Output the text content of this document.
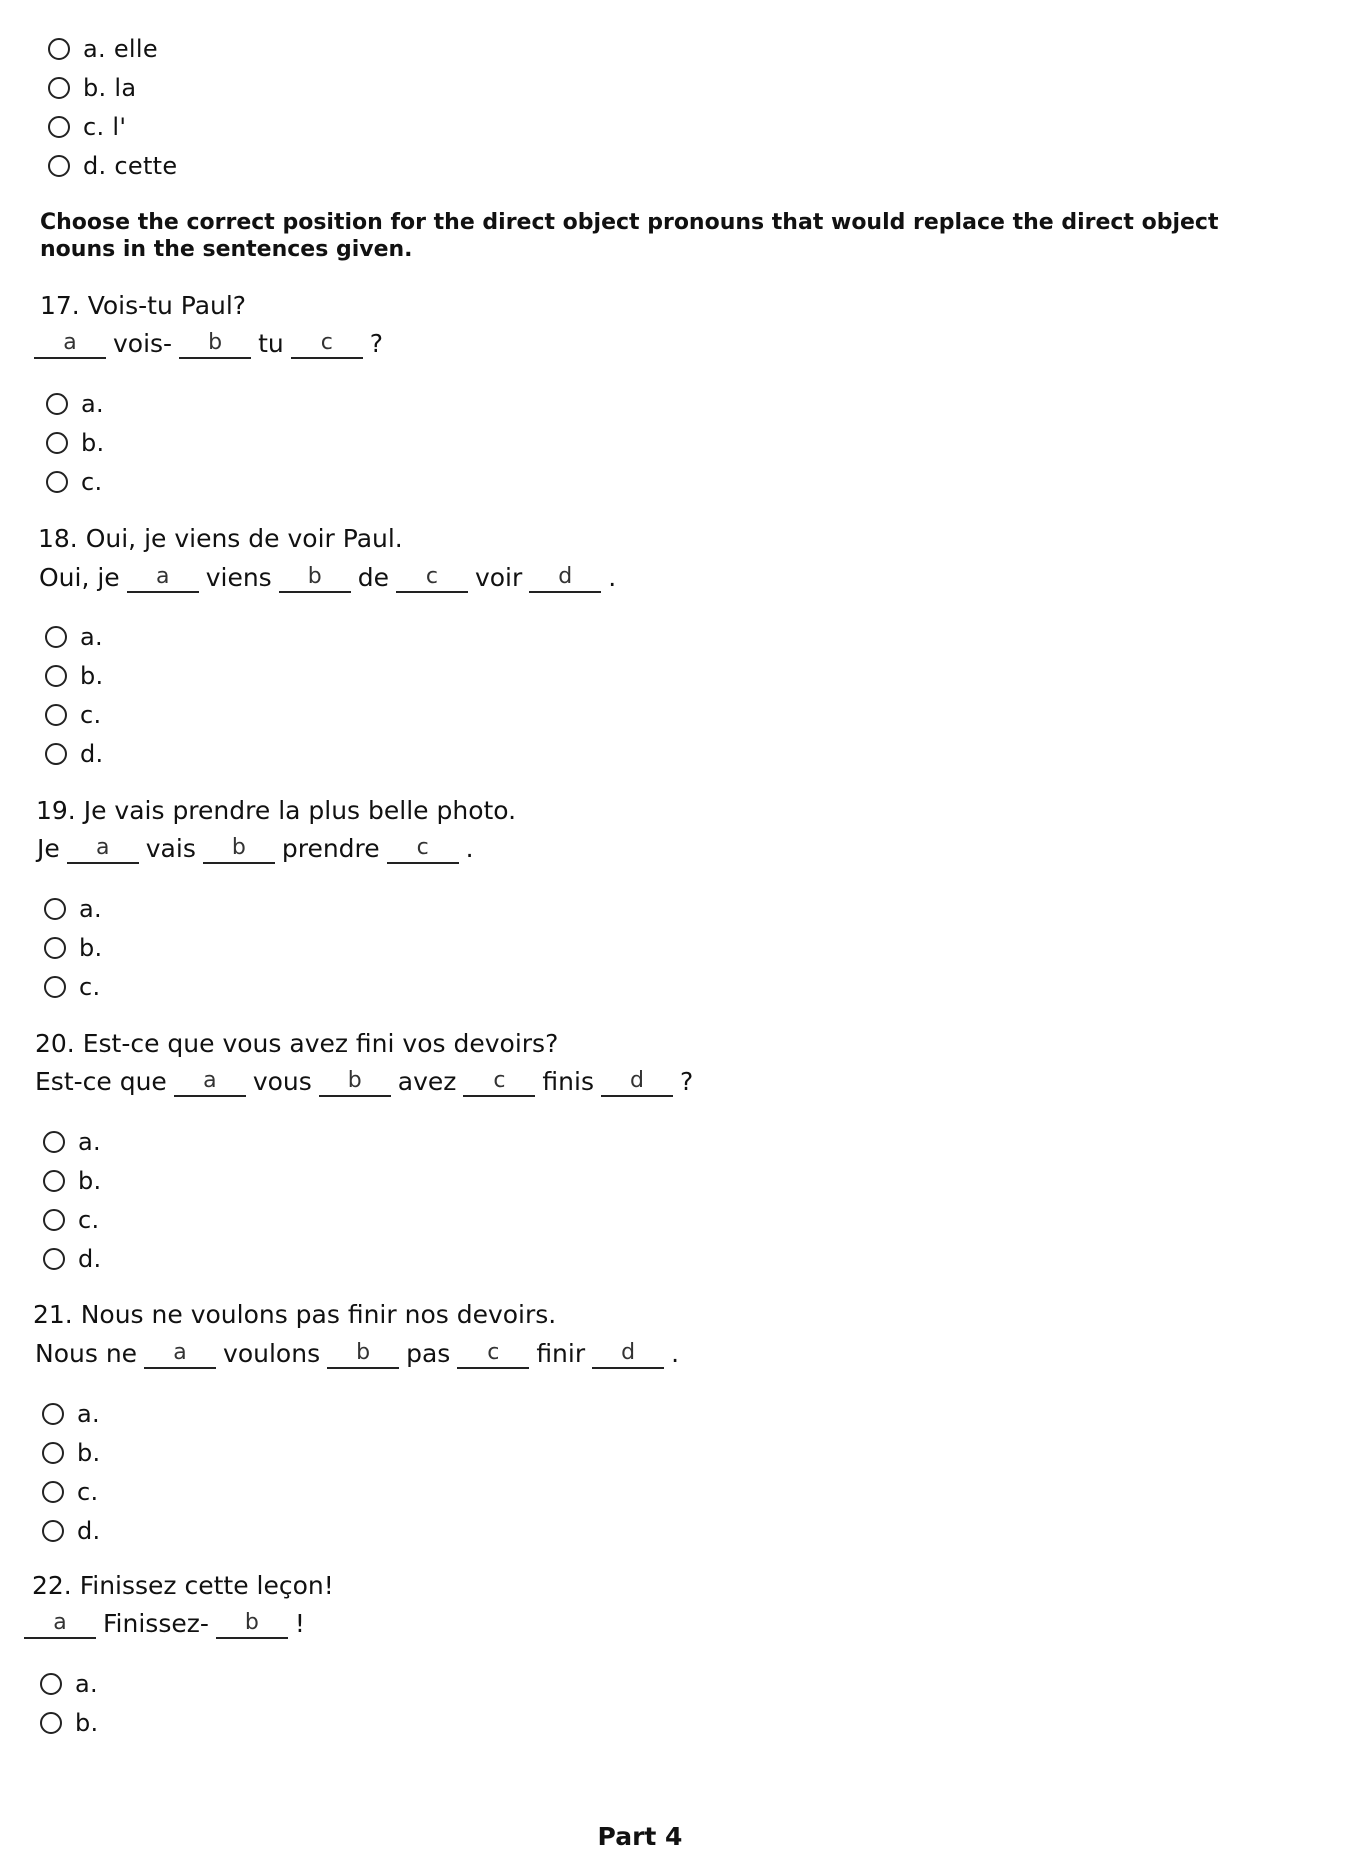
a. elle
b. la
c. l'
d. cette

Choose the correct position for the direct object pronouns that would replace the direct object nouns in the sentences given.

17. Vois-tu Paul?

a	vois-	b	tu	c	?
a.
b.
c.

18. Oui, je viens de voir Paul.

Oui, je	a	viens	b	de	c	voir	d	.
a.
b.
c.
d.

19. Je vais prendre la plus belle photo.

Je	a	vais	b	prendre	c	.
a.
b.
c.

20. Est-ce que vous avez fini vos devoirs?

Est-ce que	a	vous	b	avez	c	finis	d	?
a.
b.
c.
d.

21. Nous ne voulons pas finir nos devoirs.

Nous ne	a	voulons	b	pas	c	finir	d	.
a.
b.
c.
d.

22. Finissez cette leçon!

a	Finissez-	b	!
a.
b.

Part 4
